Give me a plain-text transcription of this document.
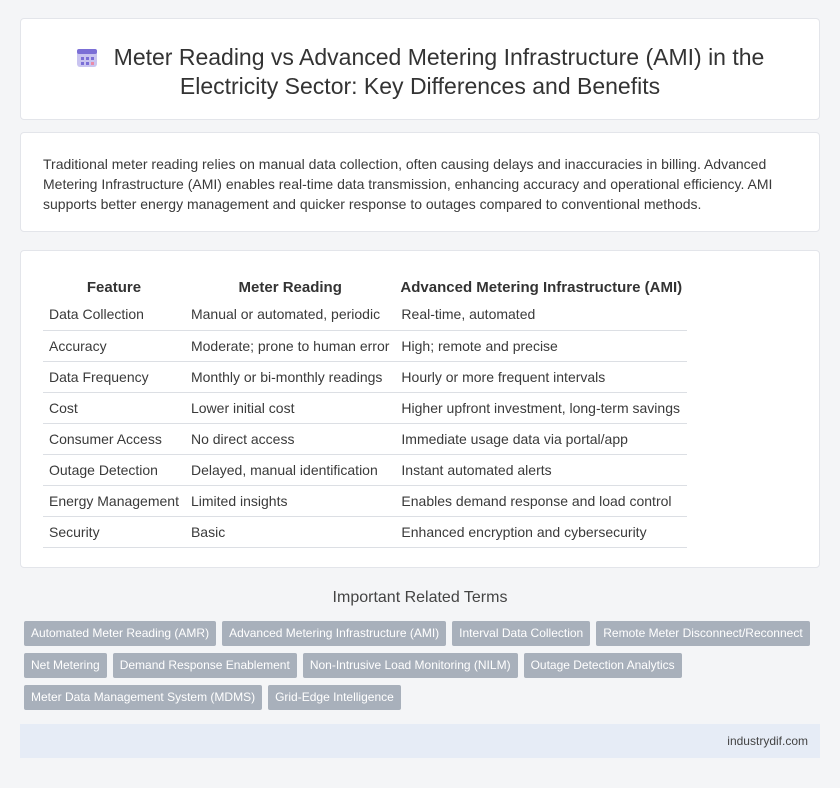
Meter Reading vs Advanced Metering Infrastructure (AMI) in the
Electricity Sector: Key Differences and Benefits

Traditional meter reading relies on manual data collection, often causing delays and inaccuracies in billing. Advanced Metering Infrastructure (AMI) enables real-time data transmission, enhancing accuracy and operational efficiency. AMI supports better energy management and quicker response to outages compared to conventional methods.

Feature	Meter Reading	Advanced Metering Infrastructure (AMI)
Data Collection	Manual or automated, periodic	Real-time, automated
Accuracy	Moderate; prone to human error	High; remote and precise
Data Frequency	Monthly or bi-monthly readings	Hourly or more frequent intervals
Cost	Lower initial cost	Higher upfront investment, long-term savings
Consumer Access	No direct access	Immediate usage data via portal/app
Outage Detection	Delayed, manual identification	Instant automated alerts
Energy Management	Limited insights	Enables demand response and load control
Security	Basic	Enhanced encryption and cybersecurity
Important Related Terms
Automated Meter Reading (AMR) Advanced Metering Infrastructure (AMI) Interval Data Collection Remote Meter Disconnect/Reconnect
Net Metering Demand Response Enablement Non-Intrusive Load Monitoring (NILM) Outage Detection Analytics
Meter Data Management System (MDMS) Grid-Edge Intelligence
industrydif.com
